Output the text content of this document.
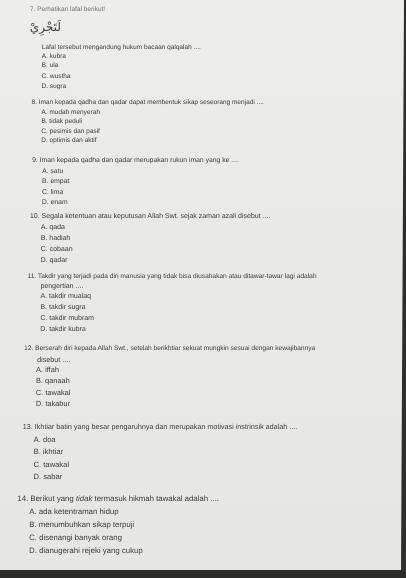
7. Perhatikan lafal berikut!
لَتَجْرِيْ
Lafal tersebut mengandung hukum bacaan qalqalah ....
A. kubra
B. ula
C. wustha
D. sugra
8. Iman kepada qadha dan qadar dapat membentuk sikap seseorang menjadi ....
A. mudah menyerah
B. tidak peduli
C. pesimis dan pasif
D. optimis dan aktif
9. Iman kepada qadha dan qadar merupakan rukun iman yang ke ....
A. satu
B. empat
C. lima
D. enam
10. Segala ketentuan atau keputusan Allah Swt. sejak zaman azali disebut ....
A. qada
B. hadiah
C. cobaan
D. qadar
11. Takdir yang terjadi pada diri manusia yang tidak bisa diusahakan atau ditawar-tawar lagi adalah
pengertian ....
A. takdir mualaq
B. takdir sugra
C. takdir mubram
D. takdir kubra
12. Berserah diri kepada Allah Swt., setelah berikhtiar sekuat mungkin sesuai dengan kewajibannya
disebut ....
A. iffah
B. qanaah
C. tawakal
D. takabur
13. Ikhtiar batin yang besar pengaruhnya dan merupakan motivasi instrinsik adalah ....
A. doa
B. ikhtiar
C. tawakal
D. sabar
14. Berikut yang tidak termasuk hikmah tawakal adalah ....
A. ada ketentraman hidup
B. menumbuhkan sikap terpuji
C. disenangi banyak orang
D. dianugerahi rejeki yang cukup
